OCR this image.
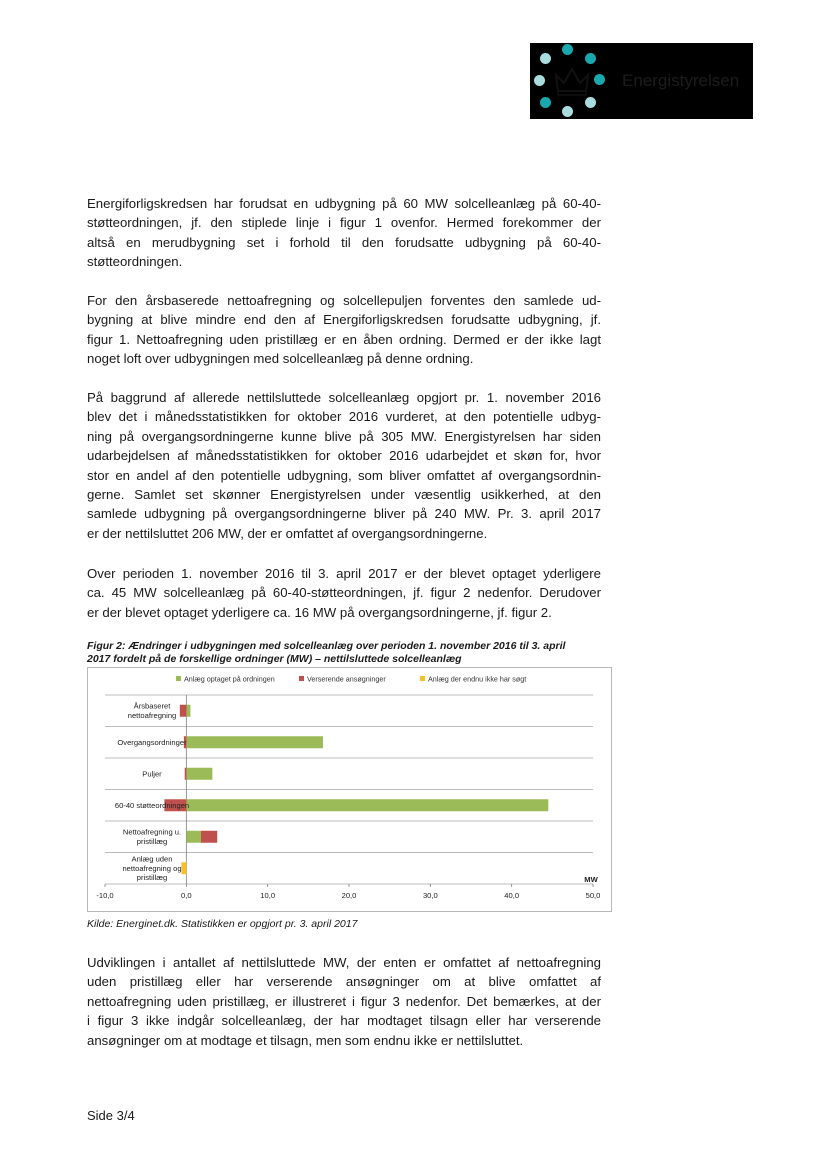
Energistyrelsen
Energiforligskredsen har forudsat en udbygning på 60 MW solcelleanlæg på 60-40-
støtteordningen, jf. den stiplede linje i figur 1 ovenfor. Hermed forekommer der
altså en merudbygning set i forhold til den forudsatte udbygning på 60-40-
støtteordningen.
For den årsbaserede nettoafregning og solcellepuljen forventes den samlede ud-
bygning at blive mindre end den af Energiforligskredsen forudsatte udbygning, jf.
figur 1. Nettoafregning uden pristillæg er en åben ordning. Dermed er der ikke lagt
noget loft over udbygningen med solcelleanlæg på denne ordning.
På baggrund af allerede nettilsluttede solcelleanlæg opgjort pr. 1. november 2016
blev det i månedsstatistikken for oktober 2016 vurderet, at den potentielle udbyg-
ning på overgangsordningerne kunne blive på 305 MW. Energistyrelsen har siden
udarbejdelsen af månedsstatistikken for oktober 2016 udarbejdet et skøn for, hvor
stor en andel af den potentielle udbygning, som bliver omfattet af overgangsordnin-
gerne. Samlet set skønner Energistyrelsen under væsentlig usikkerhed, at den
samlede udbygning på overgangsordningerne bliver på 240 MW. Pr. 3. april 2017
er der nettilsluttet 206 MW, der er omfattet af overgangsordningerne.
Over perioden 1. november 2016 til 3. april 2017 er der blevet optaget yderligere
ca. 45 MW solcelleanlæg på 60-40-støtteordningen, jf. figur 2 nedenfor. Derudover
er der blevet optaget yderligere ca. 16 MW på overgangsordningerne, jf. figur 2.
Figur 2: Ændringer i udbygningen med solcelleanlæg over perioden 1. november 2016 til 3. april
2017 fordelt på de forskellige ordninger (MW) – nettilsluttede solcelleanlæg
Anlæg optaget på ordningen	Verserende ansøgninger	Anlæg der endnu ikke har søgt
Årsbaseret
nettoafregning
Overgangsordninger
Puljer
60-40 støtteordningen
Nettoafregning u.
pristillæg
Anlæg uden
nettoafregning og
pristillæg
-10,0	0,0	10,0	20,0	30,0	40,0	50,0
MW
Kilde: Energinet.dk. Statistikken er opgjort pr. 3. april 2017
Udviklingen i antallet af nettilsluttede MW, der enten er omfattet af nettoafregning
uden pristillæg eller har verserende ansøgninger om at blive omfattet af
nettoafregning uden pristillæg, er illustreret i figur 3 nedenfor. Det bemærkes, at der
i figur 3 ikke indgår solcelleanlæg, der har modtaget tilsagn eller har verserende
ansøgninger om at modtage et tilsagn, men som endnu ikke er nettilsluttet.
Side 3/4
